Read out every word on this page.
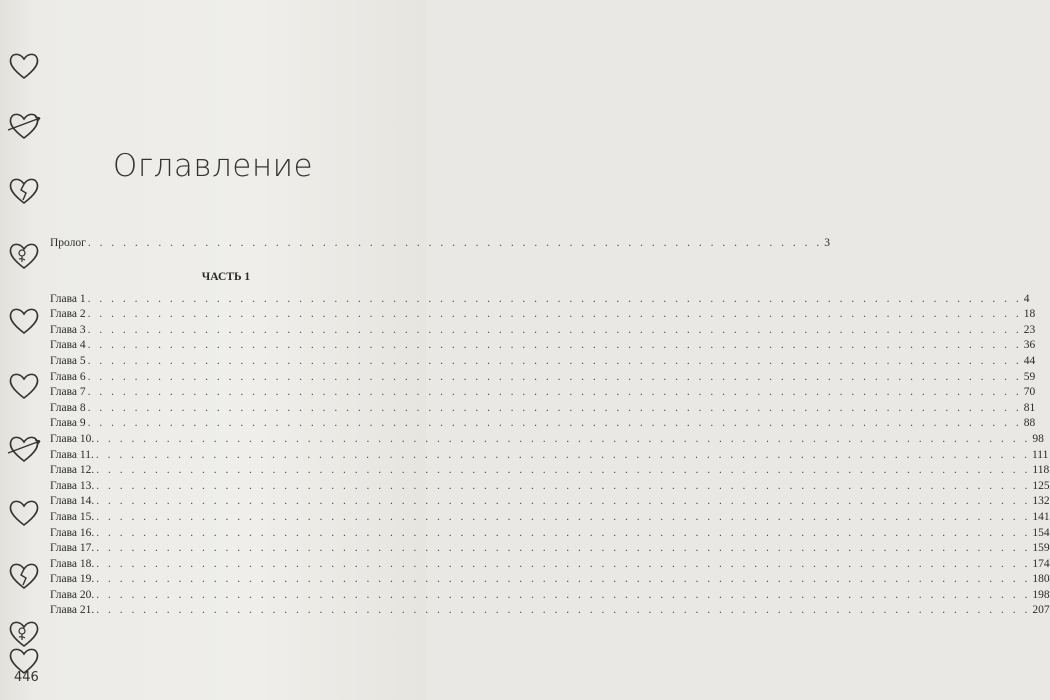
Оглавление
Пролог . . . . . . . . . . . . . . . . . . . . . . . . . . . . . . . . . . . . . . . . . . . . . . . . . . . . . . . . . . . . . . . 3
ЧАСТЬ 1
Глава 1 . . . . . . . . . . . . . . . . . . . . . . . . . . . . . . . . . . . . . . . . . . . . . . . . . . . . . . . . . . . . . . . . . . . . . . . . . . . . . . . . 4
Глава 2 . . . . . . . . . . . . . . . . . . . . . . . . . . . . . . . . . . . . . . . . . . . . . . . . . . . . . . . . . . . . . . . . . . . . . . . . . . . . . . . . 18
Глава 3 . . . . . . . . . . . . . . . . . . . . . . . . . . . . . . . . . . . . . . . . . . . . . . . . . . . . . . . . . . . . . . . . . . . . . . . . . . . . . . . . 23
Глава 4 . . . . . . . . . . . . . . . . . . . . . . . . . . . . . . . . . . . . . . . . . . . . . . . . . . . . . . . . . . . . . . . . . . . . . . . . . . . . . . . . 36
Глава 5 . . . . . . . . . . . . . . . . . . . . . . . . . . . . . . . . . . . . . . . . . . . . . . . . . . . . . . . . . . . . . . . . . . . . . . . . . . . . . . . . 44
Глава 6 . . . . . . . . . . . . . . . . . . . . . . . . . . . . . . . . . . . . . . . . . . . . . . . . . . . . . . . . . . . . . . . . . . . . . . . . . . . . . . . . 59
Глава 7 . . . . . . . . . . . . . . . . . . . . . . . . . . . . . . . . . . . . . . . . . . . . . . . . . . . . . . . . . . . . . . . . . . . . . . . . . . . . . . . . 70
Глава 8 . . . . . . . . . . . . . . . . . . . . . . . . . . . . . . . . . . . . . . . . . . . . . . . . . . . . . . . . . . . . . . . . . . . . . . . . . . . . . . . . 81
Глава 9 . . . . . . . . . . . . . . . . . . . . . . . . . . . . . . . . . . . . . . . . . . . . . . . . . . . . . . . . . . . . . . . . . . . . . . . . . . . . . . . . 88
Глава 10. . . . . . . . . . . . . . . . . . . . . . . . . . . . . . . . . . . . . . . . . . . . . . . . . . . . . . . . . . . . . . . . . . . . . . . . . . . . . . . . . 98
Глава 11. . . . . . . . . . . . . . . . . . . . . . . . . . . . . . . . . . . . . . . . . . . . . . . . . . . . . . . . . . . . . . . . . . . . . . . . . . . . . . . . . 111
Глава 12. . . . . . . . . . . . . . . . . . . . . . . . . . . . . . . . . . . . . . . . . . . . . . . . . . . . . . . . . . . . . . . . . . . . . . . . . . . . . . . . . 118
Глава 13. . . . . . . . . . . . . . . . . . . . . . . . . . . . . . . . . . . . . . . . . . . . . . . . . . . . . . . . . . . . . . . . . . . . . . . . . . . . . . . . . 125
Глава 14. . . . . . . . . . . . . . . . . . . . . . . . . . . . . . . . . . . . . . . . . . . . . . . . . . . . . . . . . . . . . . . . . . . . . . . . . . . . . . . . . 132
Глава 15. . . . . . . . . . . . . . . . . . . . . . . . . . . . . . . . . . . . . . . . . . . . . . . . . . . . . . . . . . . . . . . . . . . . . . . . . . . . . . . . . 141
Глава 16. . . . . . . . . . . . . . . . . . . . . . . . . . . . . . . . . . . . . . . . . . . . . . . . . . . . . . . . . . . . . . . . . . . . . . . . . . . . . . . . . 154
Глава 17. . . . . . . . . . . . . . . . . . . . . . . . . . . . . . . . . . . . . . . . . . . . . . . . . . . . . . . . . . . . . . . . . . . . . . . . . . . . . . . . . 159
Глава 18. . . . . . . . . . . . . . . . . . . . . . . . . . . . . . . . . . . . . . . . . . . . . . . . . . . . . . . . . . . . . . . . . . . . . . . . . . . . . . . . . 174
Глава 19. . . . . . . . . . . . . . . . . . . . . . . . . . . . . . . . . . . . . . . . . . . . . . . . . . . . . . . . . . . . . . . . . . . . . . . . . . . . . . . . . 180
Глава 20. . . . . . . . . . . . . . . . . . . . . . . . . . . . . . . . . . . . . . . . . . . . . . . . . . . . . . . . . . . . . . . . . . . . . . . . . . . . . . . . . 198
Глава 21. . . . . . . . . . . . . . . . . . . . . . . . . . . . . . . . . . . . . . . . . . . . . . . . . . . . . . . . . . . . . . . . . . . . . . . . . . . . . . . . . 207
446
